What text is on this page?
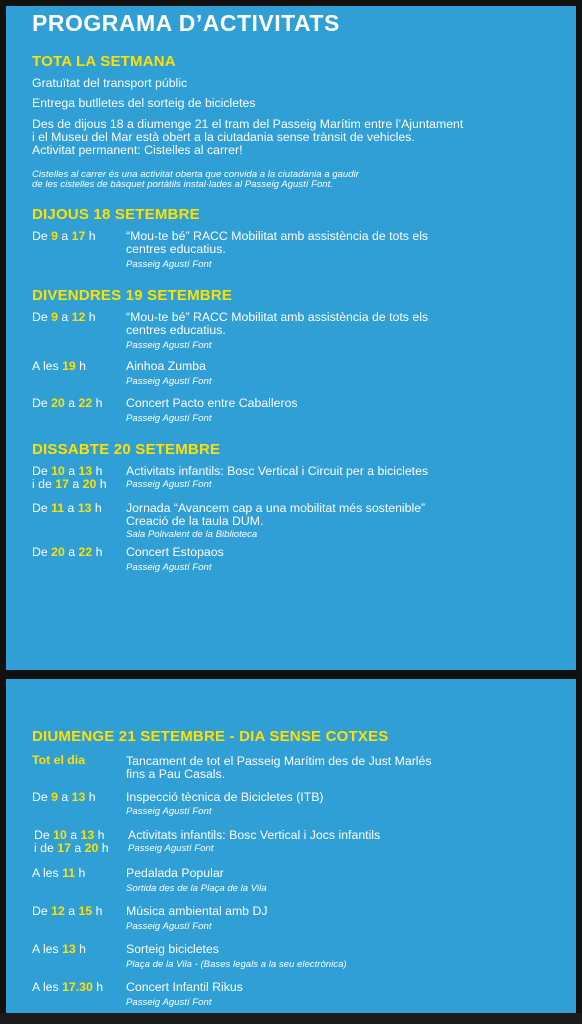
PROGRAMA D’ACTIVITATS
TOTA LA SETMANA
Gratuïtat del transport públic
Entrega butlletes del sorteig de bicicletes
Des de dijous 18 a diumenge 21 el tram del Passeig Marítim entre l’Ajuntament
i el Museu del Mar està obert a la ciutadania sense trànsit de vehicles.
Activitat permanent: Cistelles al carrer!
Cistelles al carrer és una activitat oberta que convida a la ciutadania a gaudir
de les cistelles de bàsquet portàtils instal·lades al Passeig Agustí Font.
DIJOUS 18 SETEMBRE
De 9 a 17 h “Mou-te bé” RACC Mobilitat amb assistència de tots els
centres educatius.
Passeig Agustí Font
DIVENDRES 19 SETEMBRE
De 9 a 12 h “Mou-te bé” RACC Mobilitat amb assistència de tots els
centres educatius.
Passeig Agustí Font
A les 19 h	Ainhoa Zumba
Passeig Agustí Font
De 20 a 22 h Concert Pacto entre Caballeros
Passeig Agustí Font
DISSABTE 20 SETEMBRE
De 10 a 13 h
i de 17 a 20 h
Activitats infantils: Bosc Vertical i Circuit per a bicicletes
Passeig Agustí Font
De 11 a 13 h Jornada “Avancem cap a una mobilitat més sostenible”
Creació de la taula DUM.
Sala Polivalent de la Biblioteca
De 20 a 22 h Concert Estopaos
Passeig Agustí Font
DIUMENGE 21 SETEMBRE - DIA SENSE COTXES
Tot el dia	Tancament de tot el Passeig Marítim des de Just Marlés
fins a Pau Casals.
De 9 a 13 h Inspecció tècnica de Bicicletes (ITB)
Passeig Agustí Font
De 10 a 13 h
i de 17 a 20 h
Activitats infantils: Bosc Vertical i Jocs infantils
Passeig Agustí Font
A les 11 h	Pedalada Popular
Sortida des de la Plaça de la Vila
De 12 a 15 h Música ambiental amb DJ
Passeig Agustí Font
A les 13 h	Sorteig bicicletes
Plaça de la Vila - (Bases legals a la seu electrònica)
A les 17.30 h Concert Infantil Rikus
Passeig Agustí Font
